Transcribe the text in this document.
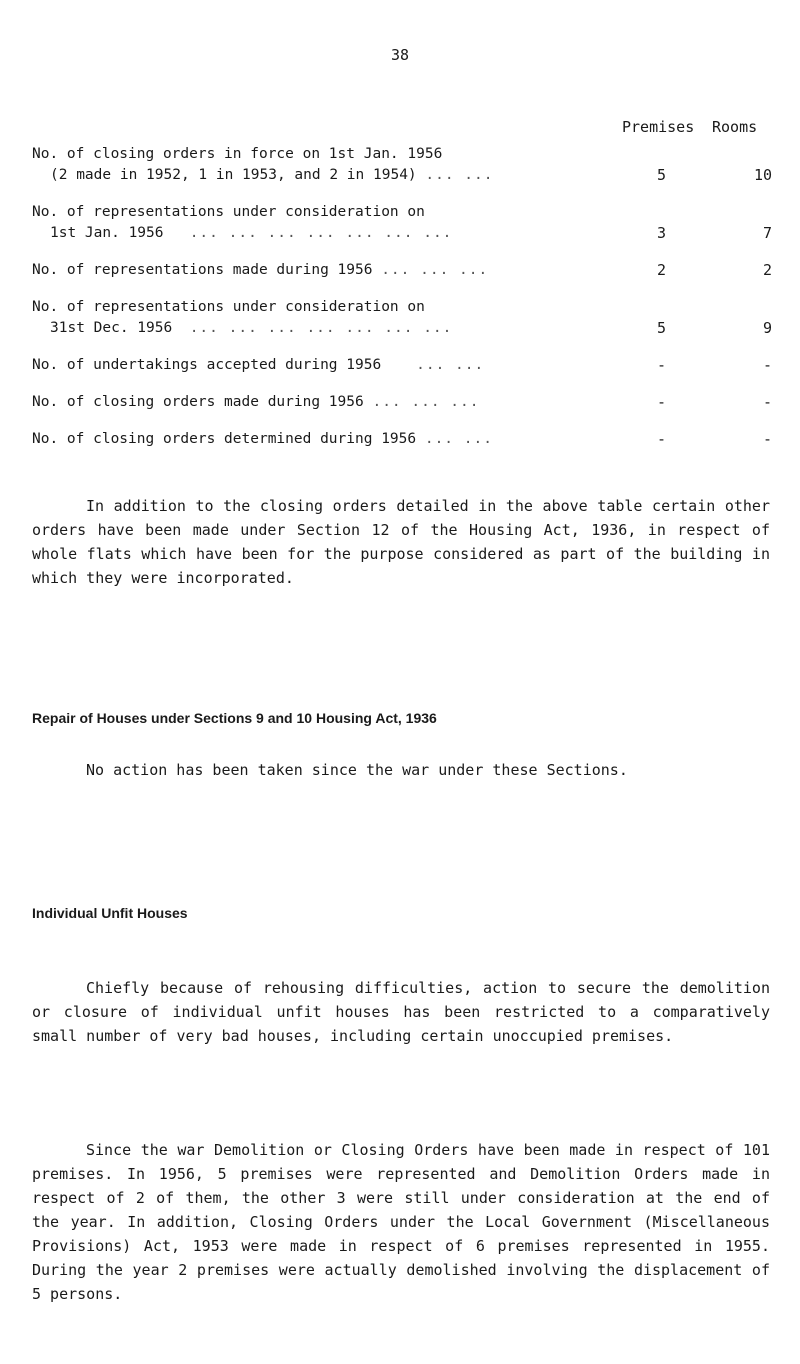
38
Premises Rooms
No. of closing orders in force on 1st Jan. 1956
(2 made in 1952, 1 in 1953, and 2 in 1954) ... ...	5	10
No. of representations under consideration on
1st Jan. 1956 ... ... ... ... ... ... ...	3	7
No. of representations made during 1956 ... ... ...	2	2
No. of representations under consideration on
31st Dec. 1956 ... ... ... ... ... ... ...	5	9
No. of undertakings accepted during 1956 ... ...	-	-
No. of closing orders made during 1956 ... ... ...	-	-
No. of closing orders determined during 1956 ... ...	-	-
In addition to the closing orders detailed in the above table certain other orders have been made under Section 12 of the Housing Act, 1936, in respect of whole flats which have been for the purpose considered as part of the building in which they were incorporated.
Repair of Houses under Sections 9 and 10 Housing Act, 1936
No action has been taken since the war under these Sections.
Individual Unfit Houses
Chiefly because of rehousing difficulties, action to secure the demolition or closure of individual unfit houses has been restricted to a comparatively small number of very bad houses, including certain unoccupied premises.
Since the war Demolition or Closing Orders have been made in respect of 101 premises. In 1956, 5 premises were represented and Demolition Orders made in respect of 2 of them, the other 3 were still under consideration at the end of the year. In addition, Closing Orders under the Local Government (Miscellaneous Provisions) Act, 1953 were made in respect of 6 premises represented in 1955. During the year 2 premises were actually demolished involving the displacement of 5 persons.
